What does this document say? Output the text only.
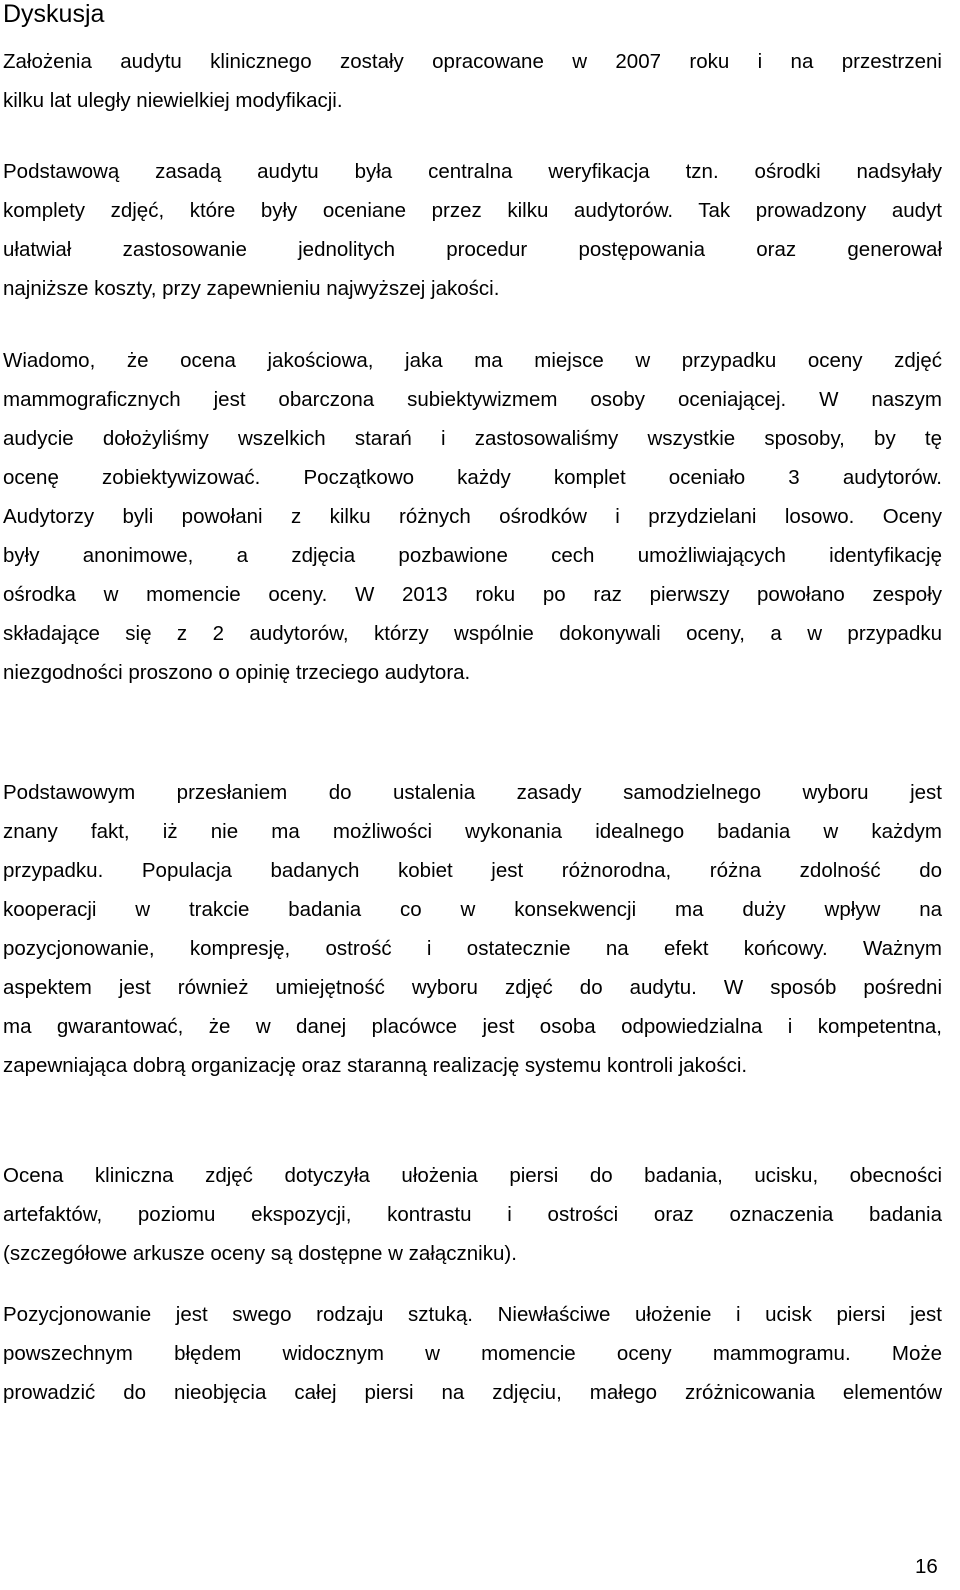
Dyskusja

Założenia audytu klinicznego zostały opracowane w 2007 roku i na przestrzeni
kilku lat uległy niewielkiej modyfikacji.

Podstawową zasadą audytu była centralna weryfikacja tzn. ośrodki nadsyłały
komplety zdjęć, które były oceniane przez kilku audytorów. Tak prowadzony audyt
ułatwiał zastosowanie jednolitych procedur postępowania oraz generował
najniższe koszty, przy zapewnieniu najwyższej jakości.

Wiadomo, że ocena jakościowa, jaka ma miejsce w przypadku oceny zdjęć
mammograficznych jest obarczona subiektywizmem osoby oceniającej. W naszym
audycie dołożyliśmy wszelkich starań i zastosowaliśmy wszystkie sposoby, by tę
ocenę zobiektywizować. Początkowo każdy komplet oceniało 3 audytorów.
Audytorzy byli powołani z kilku różnych ośrodków i przydzielani losowo. Oceny
były anonimowe, a zdjęcia pozbawione cech umożliwiających identyfikację
ośrodka w momencie oceny. W 2013 roku po raz pierwszy powołano zespoły
składające się z 2 audytorów, którzy wspólnie dokonywali oceny, a w przypadku
niezgodności proszono o opinię trzeciego audytora.

Podstawowym przesłaniem do ustalenia zasady samodzielnego wyboru jest
znany fakt, iż nie ma możliwości wykonania idealnego badania w każdym
przypadku. Populacja badanych kobiet jest różnorodna, różna zdolność do
kooperacji w trakcie badania co w konsekwencji ma duży wpływ na
pozycjonowanie, kompresję, ostrość i ostatecznie na efekt końcowy. Ważnym
aspektem jest również umiejętność wyboru zdjęć do audytu. W sposób pośredni
ma gwarantować, że w danej placówce jest osoba odpowiedzialna i kompetentna,
zapewniająca dobrą organizację oraz staranną realizację systemu kontroli jakości.

Ocena kliniczna zdjęć dotyczyła ułożenia piersi do badania, ucisku, obecności
artefaktów, poziomu ekspozycji, kontrastu i ostrości oraz oznaczenia badania
(szczegółowe arkusze oceny są dostępne w załączniku).

Pozycjonowanie jest swego rodzaju sztuką. Niewłaściwe ułożenie i ucisk piersi jest
powszechnym błędem widocznym w momencie oceny mammogramu. Może
prowadzić do nieobjęcia całej piersi na zdjęciu, małego zróżnicowania elementów

16
